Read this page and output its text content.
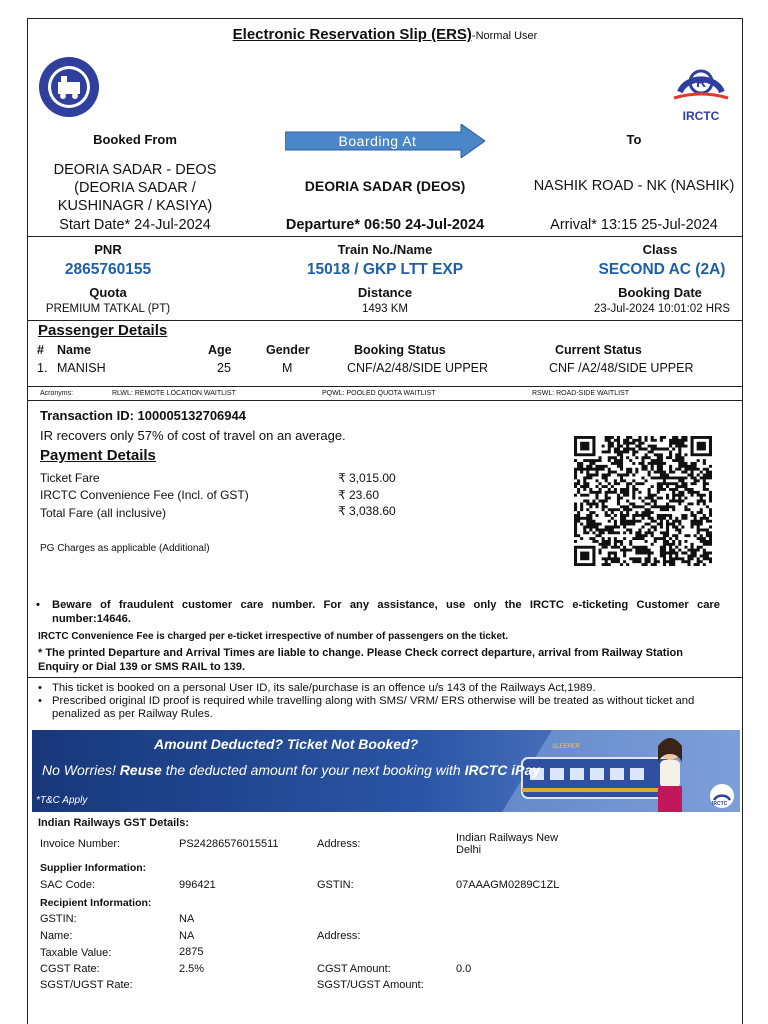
Electronic Reservation Slip (ERS)-Normal User
R
IRCTC
Booked From	Boarding At	To
DEORIA SADAR - DEOS
(DEORIA SADAR /
KUSHINAGR / KASIYA)
DEORIA SADAR (DEOS)	NASHIK ROAD - NK (NASHIK)
Start Date* 24-Jul-2024	Departure* 06:50 24-Jul-2024	Arrival* 13:15 25-Jul-2024
PNR	Train No./Name	Class
2865760155	15018 / GKP LTT EXP	SECOND AC (2A)
Quota	Distance	Booking Date
PREMIUM TATKAL (PT)	1493 KM	23-Jul-2024 10:01:02 HRS
Passenger Details
# Name	Age	Gender	Booking Status	Current Status
1. MANISH	25	M	CNF/A2/48/SIDE UPPER	CNF /A2/48/SIDE UPPER
Acronyms:	RLWL: REMOTE LOCATION WAITLIST	PQWL: POOLED QUOTA WAITLIST	RSWL: ROAD-SIDE WAITLIST
Transaction ID: 100005132706944
IR recovers only 57% of cost of travel on an average.
Payment Details
Ticket Fare	₹ 3,015.00
IRCTC Convenience Fee (Incl. of GST)	₹ 23.60
Total Fare (all inclusive)	₹ 3,038.60
PG Charges as applicable (Additional)
•	Beware of fraudulent customer care number. For any assistance, use only the IRCTC e-ticketing Customer care number:14646.
IRCTC Convenience Fee is charged per e-ticket irrespective of number of passengers on the ticket.
* The printed Departure and Arrival Times are liable to change. Please Check correct departure, arrival from Railway Station Enquiry or Dial 139 or SMS RAIL to 139.
• This ticket is booked on a personal User ID, its sale/purchase is an offence u/s 143 of the Railways Act,1989.
• Prescribed original ID proof is required while travelling along with SMS/ VRM/ ERS otherwise will be treated as without ticket and penalized as per Railway Rules.
Amount Deducted? Ticket Not Booked?
No Worries! Reuse the deducted amount for your next booking with IRCTC iPay
*T&C Apply
SLEEPER
IRCTC
Indian Railways GST Details:
Invoice Number:	PS24286576015511	Address:	Indian Railways New Delhi
Supplier Information:
SAC Code:	996421	GSTIN:	07AAAGM0289C1ZL
Recipient Information:
GSTIN:	NA
Name:	NA	Address:
Taxable Value:	2875
CGST Rate:	2.5%	CGST Amount:	0.0
SGST/UGST Rate:	SGST/UGST Amount:
